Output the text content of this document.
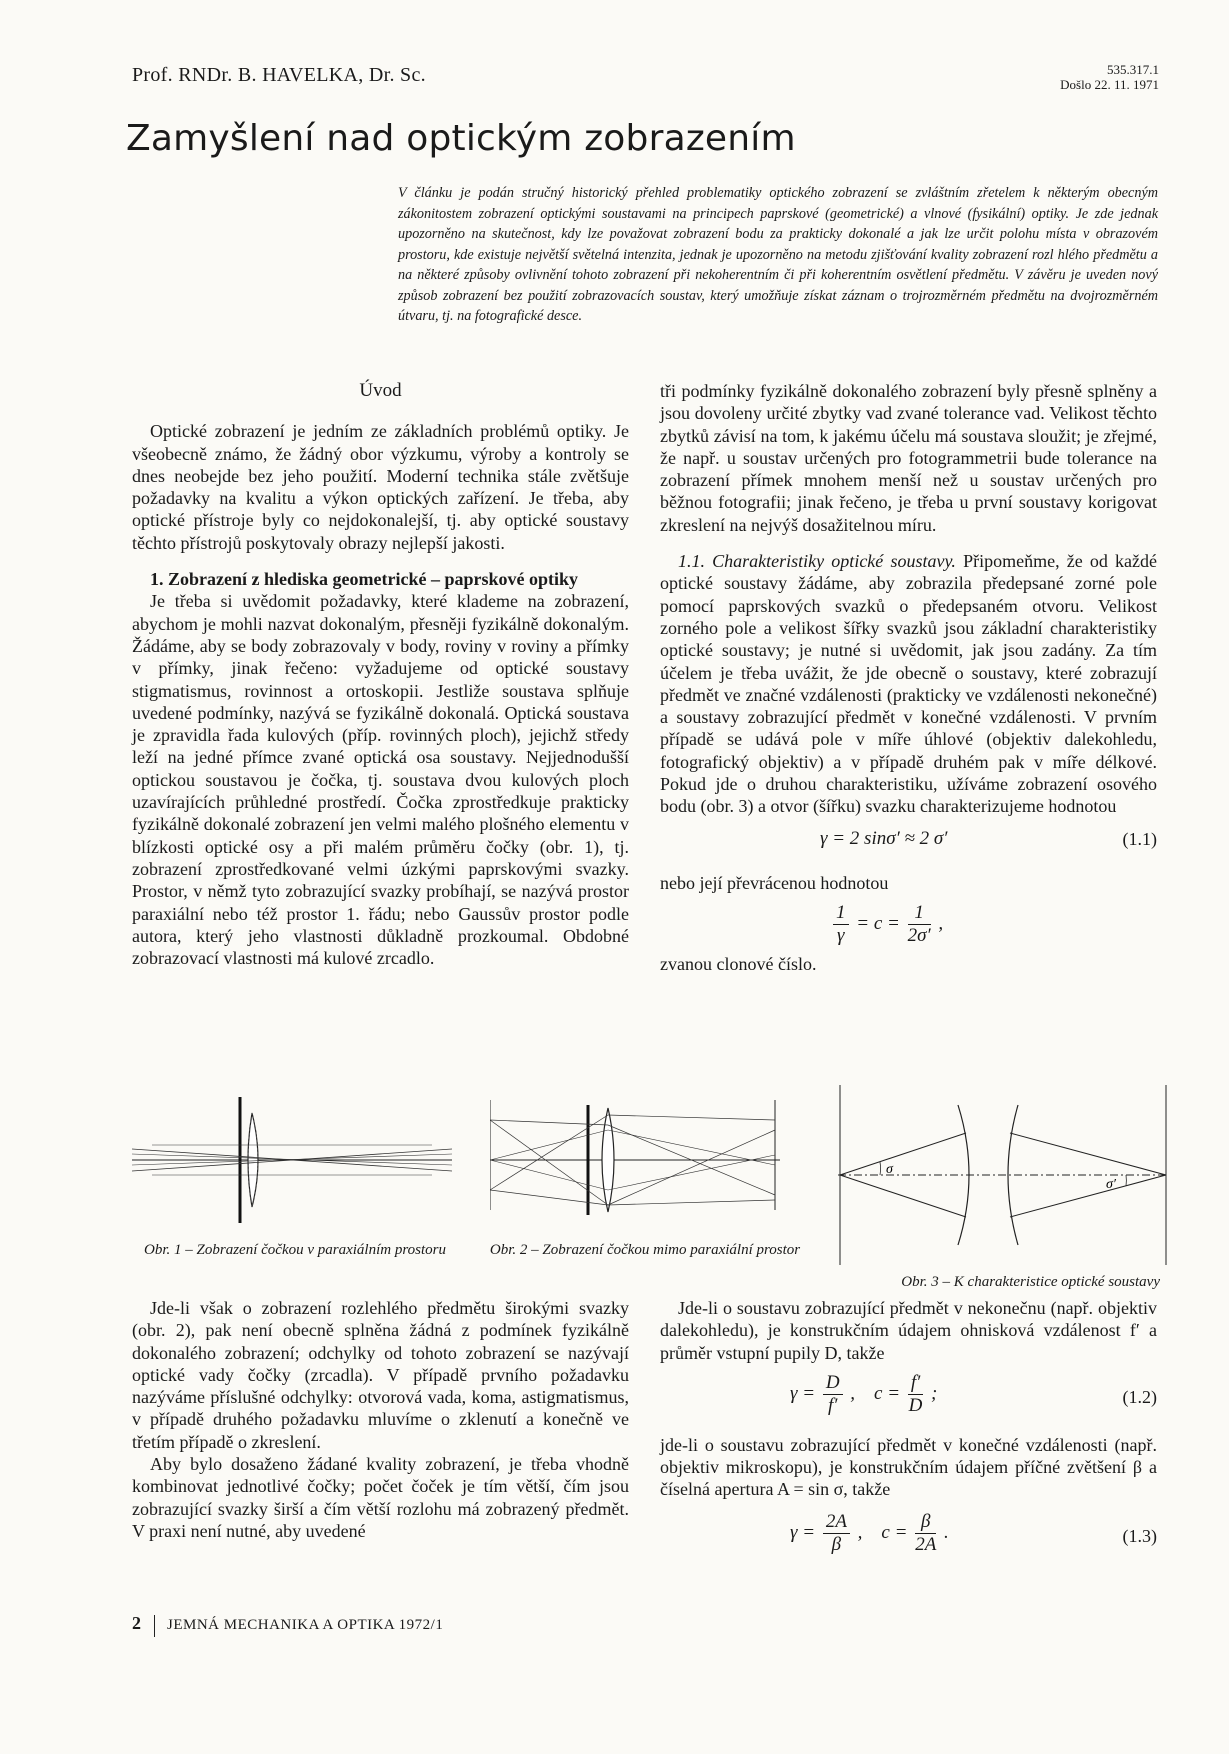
Prof. RNDr. B. HAVELKA, Dr. Sc.	535.317.1
Došlo 22. 11. 1971
Zamyšlení nad optickým zobrazením
V článku je podán stručný historický přehled problematiky optického zobrazení se zvláštním zřetelem k některým obecným zákonitostem zobrazení optickými soustavami na principech paprskové (geometrické) a vlnové (fysikální) optiky. Je zde jednak upozorněno na skutečnost, kdy lze považovat zobrazení bodu za prakticky dokonalé a jak lze určit polohu místa v obrazovém prostoru, kde existuje největší světelná intenzita, jednak je upozorněno na metodu zjišťování kvality zobrazení rozl hlého předmětu a na některé způsoby ovlivnění tohoto zobrazení při nekoherentním či při koherentním osvětlení předmětu. V závěru je uveden nový způsob zobrazení bez použití zobrazovacích soustav, který umožňuje získat záznam o trojrozměrném předmětu na dvojrozměrném útvaru, tj. na fotografické desce.
Úvod

Optické zobrazení je jedním ze základních problémů optiky. Je všeobecně známo, že žádný obor výzkumu, výroby a kontroly se dnes neobejde bez jeho použití. Moderní technika stále zvětšuje požadavky na kvalitu a výkon optických zařízení. Je třeba, aby optické přístroje byly co nejdokonalejší, tj. aby optické soustavy těchto přístrojů poskytovaly obrazy nejlepší jakosti.

1. Zobrazení z hlediska geometrické – paprskové optiky

Je třeba si uvědomit požadavky, které klademe na zobrazení, abychom je mohli nazvat dokonalým, přesněji fyzikálně dokonalým. Žádáme, aby se body zobrazovaly v body, roviny v roviny a přímky v přímky, jinak řečeno: vyžadujeme od optické soustavy stigmatismus, rovinnost a ortoskopii. Jestliže soustava splňuje uvedené podmínky, nazývá se fyzikálně dokonalá. Optická soustava je zpravidla řada kulových (příp. rovinných ploch), jejichž středy leží na jedné přímce zvané optická osa soustavy. Nejjednodušší optickou soustavou je čočka, tj. soustava dvou kulových ploch uzavírajících průhledné prostředí. Čočka zprostředkuje prakticky fyzikálně dokonalé zobrazení jen velmi malého plošného elementu v blízkosti optické osy a při malém průměru čočky (obr. 1), tj. zobrazení zprostředkované velmi úzkými paprskovými svazky. Prostor, v němž tyto zobrazující svazky probíhají, se nazývá prostor paraxiální nebo též prostor 1. řádu; nebo Gaussův prostor podle autora, který jeho vlastnosti důkladně prozkoumal. Obdobné zobrazovací vlastnosti má kulové zrcadlo.

tři podmínky fyzikálně dokonalého zobrazení byly přesně splněny a jsou dovoleny určité zbytky vad zvané tolerance vad. Velikost těchto zbytků závisí na tom, k jakému účelu má soustava sloužit; je zřejmé, že např. u soustav určených pro fotogrammetrii bude tolerance na zobrazení přímek mnohem menší než u soustav určených pro běžnou fotografii; jinak řečeno, je třeba u první soustavy korigovat zkreslení na nejvýš dosažitelnou míru.

1.1. Charakteristiky optické soustavy. Připomeňme, že od každé optické soustavy žádáme, aby zobrazila předepsané zorné pole pomocí paprskových svazků o předepsaném otvoru. Velikost zorného pole a velikost šířky svazků jsou základní charakteristiky optické soustavy; je nutné si uvědomit, jak jsou zadány. Za tím účelem je třeba uvážit, že jde obecně o soustavy, které zobrazují předmět ve značné vzdálenosti (prakticky ve vzdálenosti nekonečné) a soustavy zobrazující předmět v konečné vzdálenosti. V prvním případě se udává pole v míře úhlové (objektiv dalekohledu, fotografický objektiv) a v případě druhém pak v míře délkové. Pokud jde o druhou charakteristiku, užíváme zobrazení osového bodu (obr. 3) a otvor (šířku) svazku charakterizujeme hodnotou

γ = 2 sinσ′ ≈ 2 σ′	(1.1)

nebo její převrácenou hodnotou

$\frac{1}{\gamma} = c = \frac{1}{2\sigma'}$ ,

zvanou clonové číslo.

Obr. 1 – Zobrazení čočkou v paraxiálním prostoru	Obr. 2 – Zobrazení čočkou mimo paraxiální prostor
σ
σ′
Obr. 3 – K charakteristice optické soustavy

Jde-li však o zobrazení rozlehlého předmětu širokými svazky (obr. 2), pak není obecně splněna žádná z podmínek fyzikálně dokonalého zobrazení; odchylky od tohoto zobrazení se nazývají optické vady čočky (zrcadla). V případě prvního požadavku nazýváme příslušné odchylky: otvorová vada, koma, astigmatismus, v případě druhého požadavku mluvíme o zklenutí a konečně ve třetím případě o zkreslení.

Aby bylo dosaženo žádané kvality zobrazení, je třeba vhodně kombinovat jednotlivé čočky; počet čoček je tím větší, čím jsou zobrazující svazky širší a čím větší rozlohu má zobrazený předmět. V praxi není nutné, aby uvedené

Jde-li o soustavu zobrazující předmět v nekonečnu (např. objektiv dalekohledu), je konstrukčním údajem ohnisková vzdálenost f′ a průměr vstupní pupily D, takže

$\gamma = \frac{D}{f'}$ , $c = \frac{f'}{D}$ ;	(1.2)

jde-li o soustavu zobrazující předmět v konečné vzdálenosti (např. objektiv mikroskopu), je konstrukčním údajem příčné zvětšení β a číselná apertura A = sin σ, takže

$\gamma = \frac{2A}{\beta}$ , $c = \frac{\beta}{2A}$ .	(1.3)
2 JEMNÁ MECHANIKA A OPTIKA 1972/1
